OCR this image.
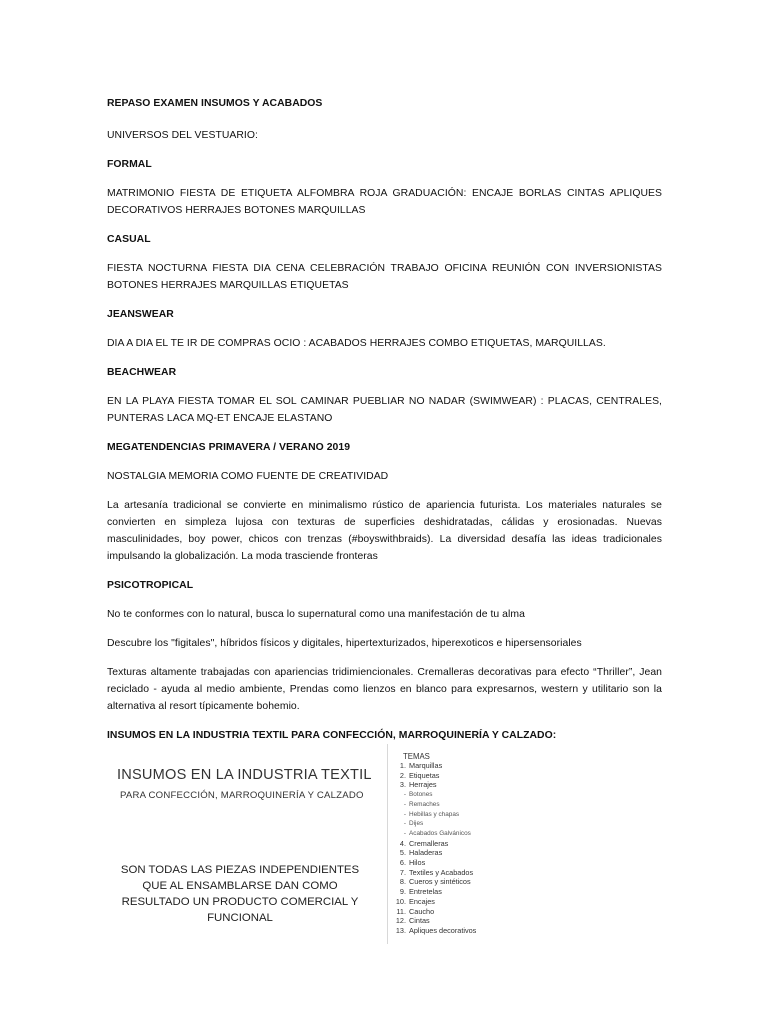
REPASO EXAMEN INSUMOS Y ACABADOS

UNIVERSOS DEL VESTUARIO:

FORMAL

MATRIMONIO FIESTA DE ETIQUETA ALFOMBRA ROJA GRADUACIÓN: ENCAJE BORLAS CINTAS APLIQUES DECORATIVOS HERRAJES BOTONES MARQUILLAS

CASUAL

FIESTA NOCTURNA FIESTA DIA CENA CELEBRACIÓN TRABAJO OFICINA REUNIÓN CON INVERSIONISTAS BOTONES HERRAJES MARQUILLAS ETIQUETAS

JEANSWEAR

DIA A DIA EL TE IR DE COMPRAS OCIO : ACABADOS HERRAJES COMBO ETIQUETAS, MARQUILLAS.

BEACHWEAR

EN LA PLAYA FIESTA TOMAR EL SOL CAMINAR PUEBLIAR NO NADAR (SWIMWEAR) : PLACAS, CENTRALES, PUNTERAS LACA MQ-ET ENCAJE ELASTANO

MEGATENDENCIAS PRIMAVERA / VERANO 2019

NOSTALGIA MEMORIA COMO FUENTE DE CREATIVIDAD

La artesanía tradicional se convierte en minimalismo rústico de apariencia futurista. Los materiales naturales se convierten en simpleza lujosa con texturas de superficies deshidratadas, cálidas y erosionadas. Nuevas masculinidades, boy power, chicos con trenzas (#boyswithbraids). La diversidad desafía las ideas tradicionales impulsando la globalización. La moda trasciende fronteras

PSICOTROPICAL

No te conformes con lo natural, busca lo supernatural como una manifestación de tu alma

Descubre los "figitales", híbridos físicos y digitales, hipertexturizados, hiperexoticos e hipersensoriales

Texturas altamente trabajadas con apariencias tridimiencionales. Cremalleras decorativas para efecto “Thriller”, Jean reciclado - ayuda al medio ambiente, Prendas como lienzos en blanco para expresarnos, western y utilitario son la alternativa al resort típicamente bohemio.

INSUMOS EN LA INDUSTRIA TEXTIL PARA CONFECCIÓN, MARROQUINERÍA Y CALZADO:

INSUMOS EN LA INDUSTRIA TEXTIL
PARA CONFECCIÓN, MARROQUINERÍA Y CALZADO
SON TODAS LAS PIEZAS INDEPENDIENTES QUE AL ENSAMBLARSE DAN COMO RESULTADO UN PRODUCTO COMERCIAL Y FUNCIONAL
TEMAS
1. Marquillas
2. Etiquetas
3. Herrajes
- Botones
- Remaches
- Hebillas y chapas
- Dijes
- Acabados Galvánicos
4. Cremalleras
5. Haladeras
6. Hilos
7. Textiles y Acabados
8. Cueros y sintéticos
9. Entretelas
10. Encajes
11. Caucho
12. Cintas
13. Apliques decorativos
